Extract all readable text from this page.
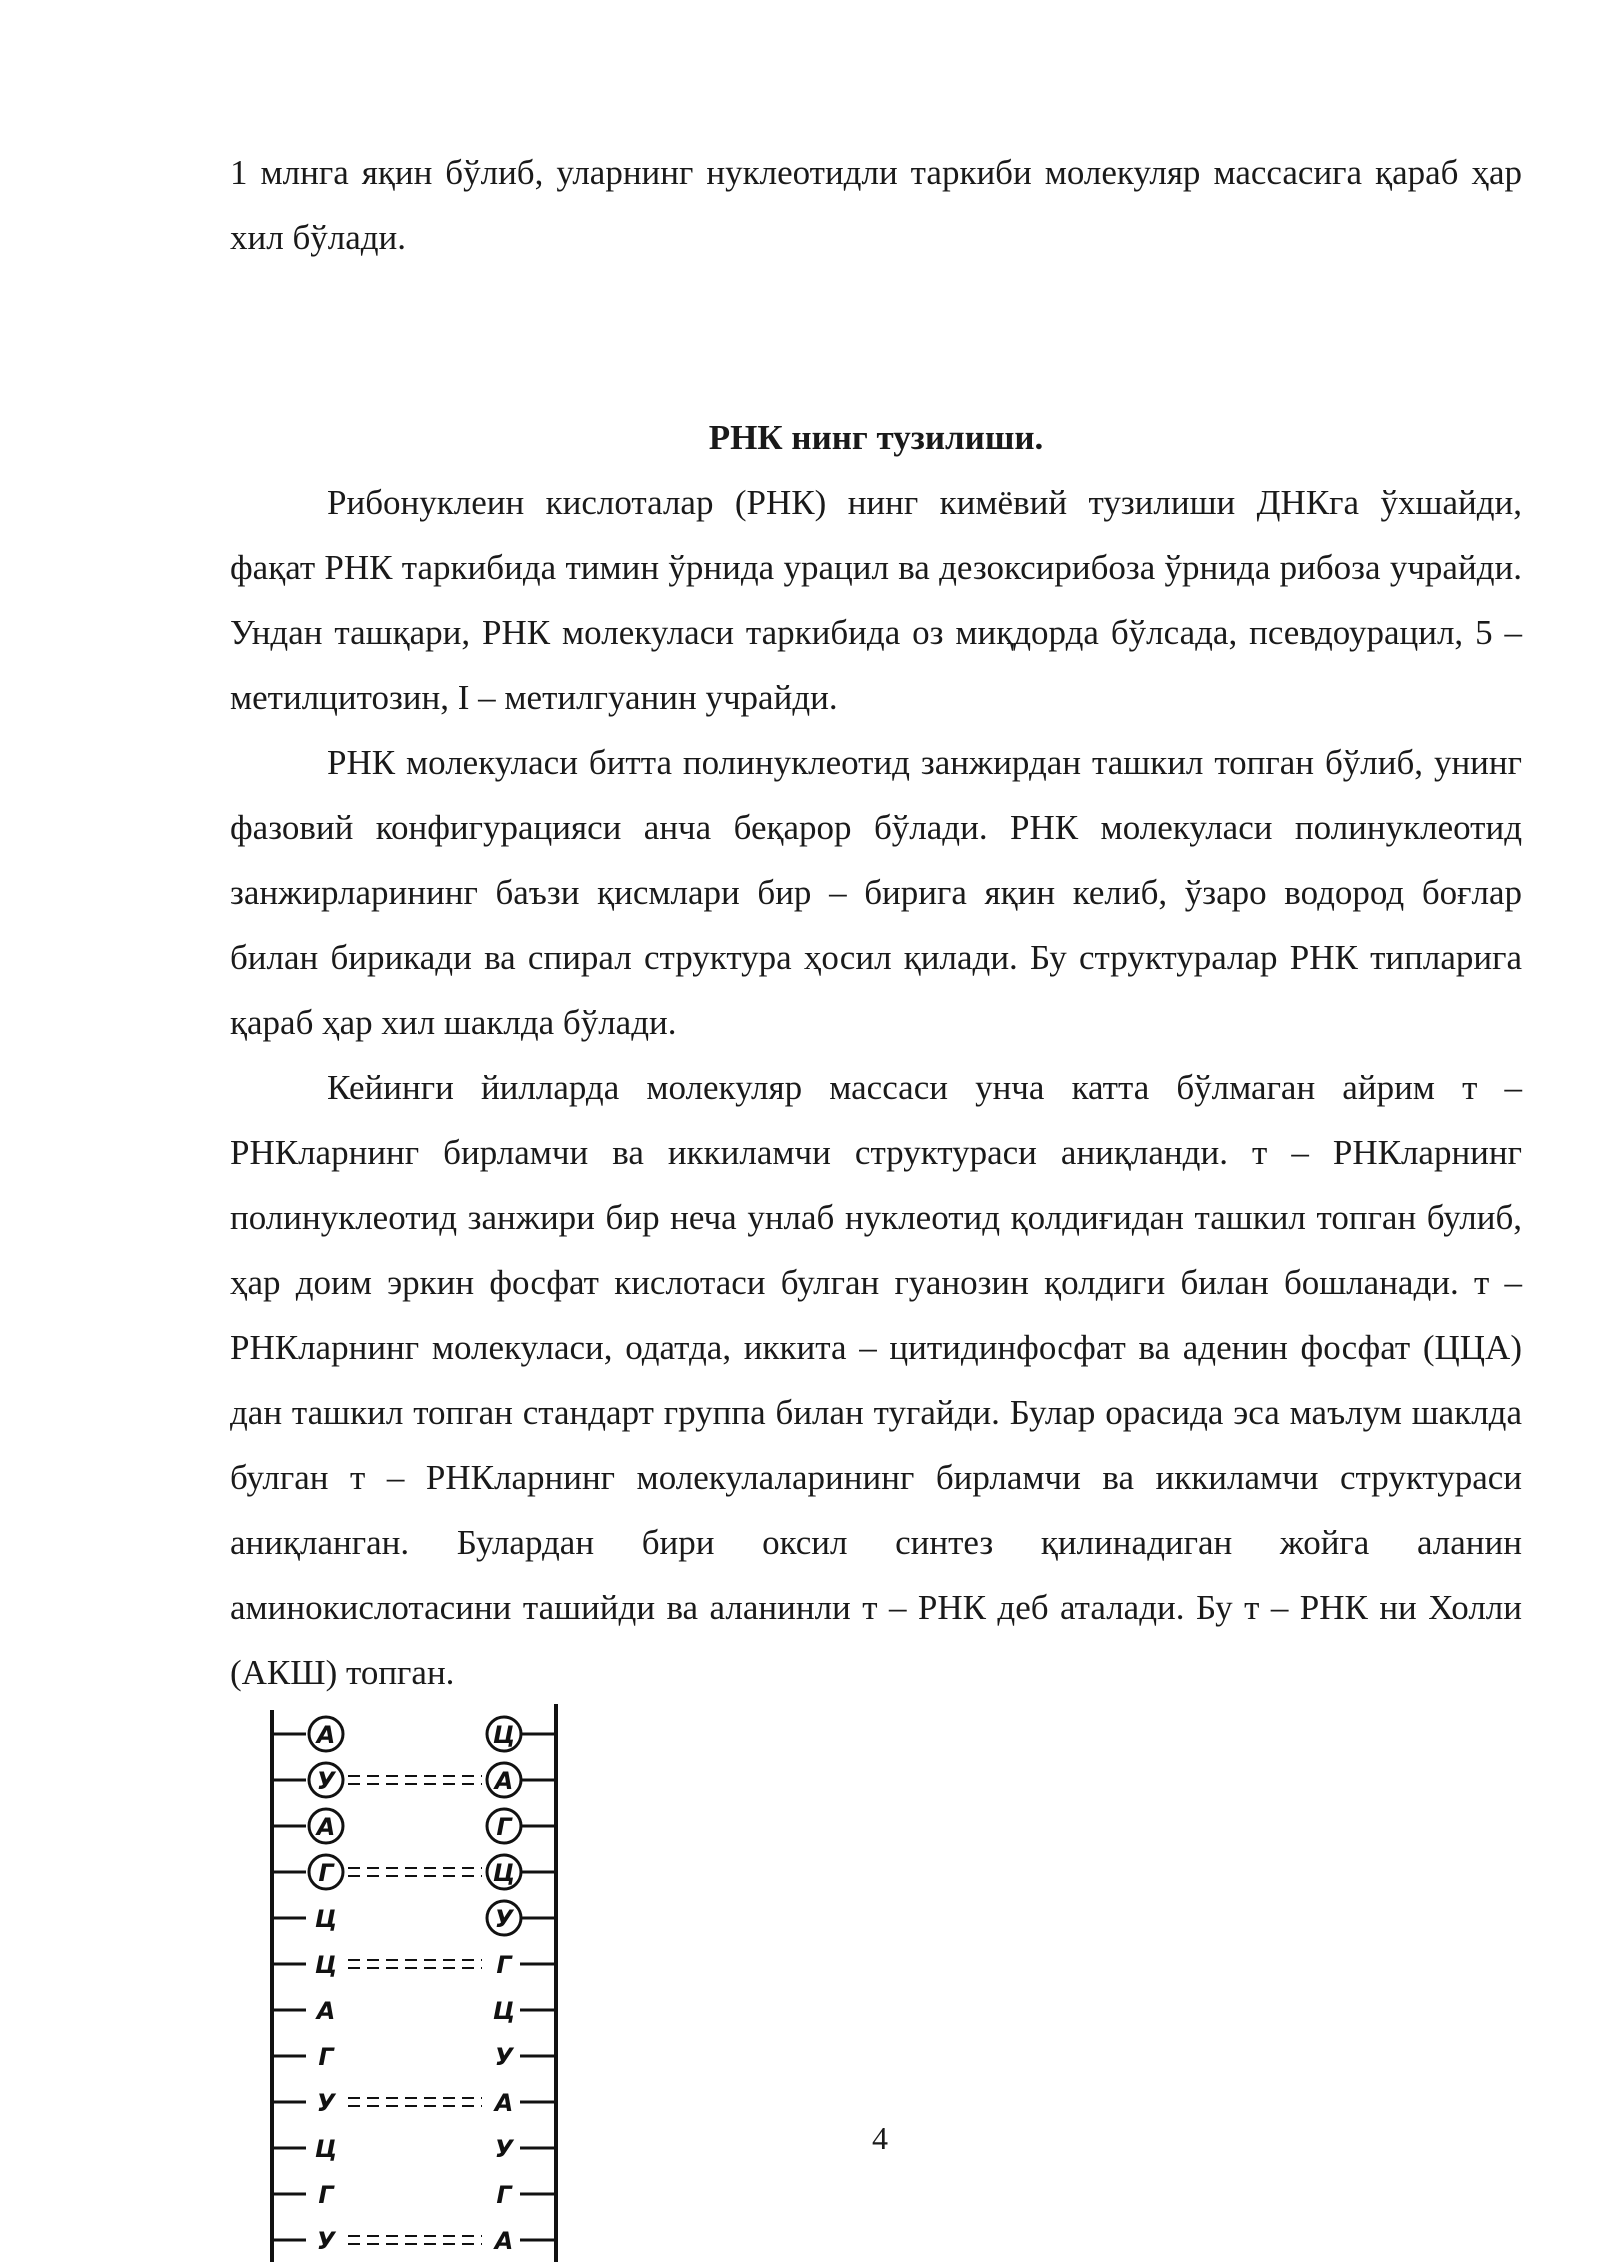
1 млнга яқин бўлиб, уларнинг нуклеотидли таркиби молекуляр массасига қараб ҳар хил бўлади.

РНК нинг тузилиши.

Рибонуклеин кислоталар (РНК) нинг кимёвий тузилиши ДНКга ўхшайди, фақат РНК таркибида тимин ўрнида урацил ва дезоксирибоза ўрнида рибоза учрайди. Ундан ташқари, РНК молекуласи таркибида оз миқдорда бўлсада, псевдоурацил, 5 – метилцитозин, I – метилгуанин учрайди.

РНК молекуласи битта полинуклеотид занжирдан ташкил топган бўлиб, унинг фазовий конфигурацияси анча беқарор бўлади. РНК молекуласи полинуклеотид занжирларининг баъзи қисмлари бир – бирига яқин келиб, ўзаро водород боғлар билан бирикади ва спирал структура ҳосил қилади. Бу структуралар РНК типларига қараб ҳар хил шаклда бўлади.

Кейинги йилларда молекуляр массаси унча катта бўлмаган айрим т – РНКларнинг бирламчи ва иккиламчи структураси аниқланди. т – РНКларнинг полинуклеотид занжири бир неча унлаб нуклеотид қолдиғидан ташкил топган булиб, ҳар доим эркин фосфат кислотаси булган гуанозин қолдиги билан бошланади. т – РНКларнинг молекуласи, одатда, иккита – цитидинфосфат ва аденин фосфат (ЦЦА) дан ташкил топган стандарт группа билан тугайди. Булар орасида эса маълум шаклда булган т – РНКларнинг молекулаларининг бирламчи ва иккиламчи структураси аниқланган. Булардан бири оксил синтез қилинадиган жойга аланин аминокислотасини ташийди ва аланинли т – РНК деб аталади. Бу т – РНК ни Холли (АКШ) топган.

А	Ц
У	А
А	Г
Г	Ц
Ц	У
Ц	Г
А	Ц
Г	У
У	А
Ц	У
Г	Г
У	А
4
